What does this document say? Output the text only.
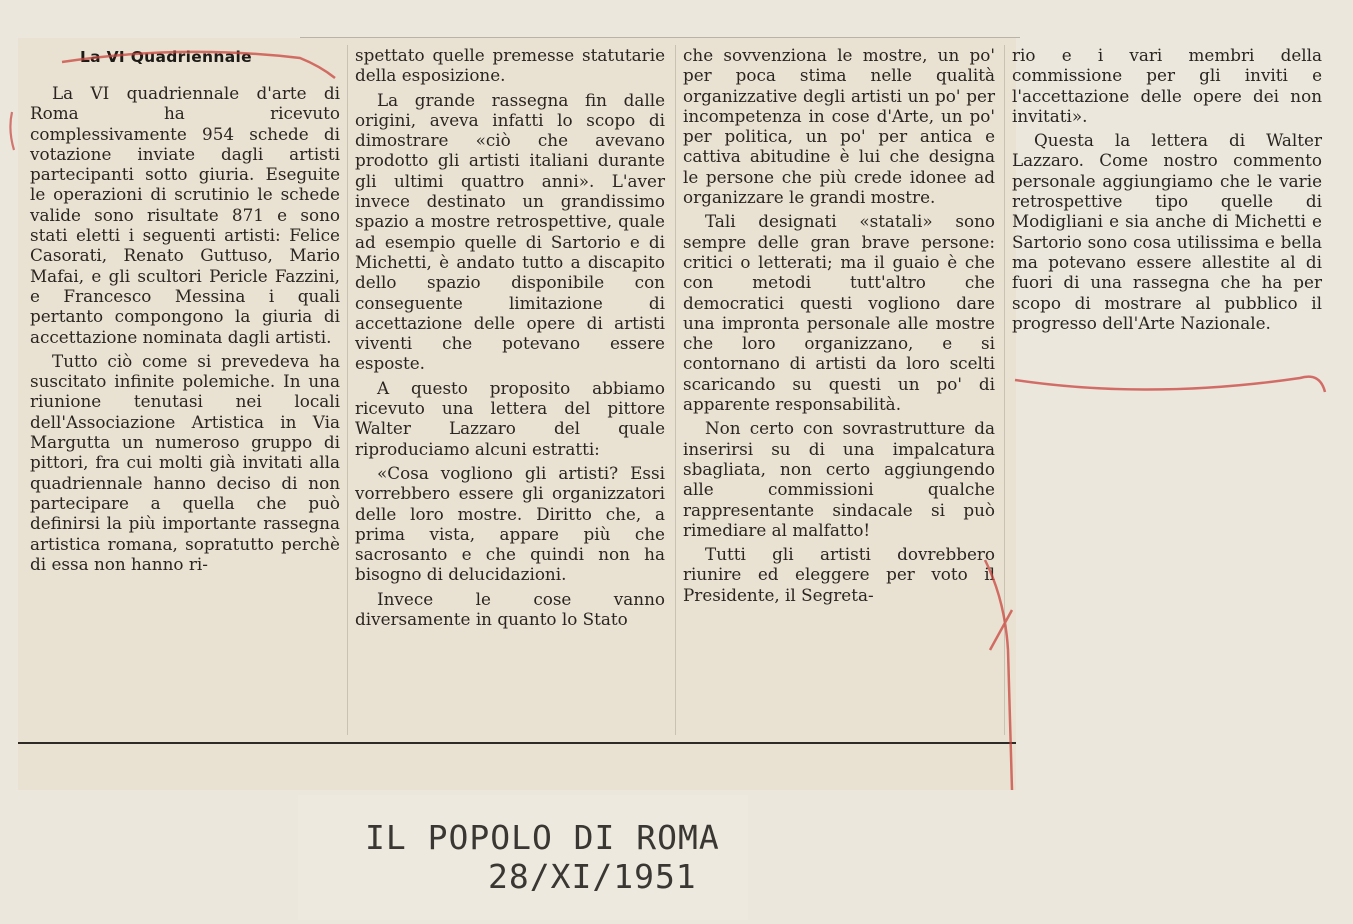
La VI Quadriennale

La VI quadriennale d'arte di Roma ha ricevuto complessivamente 954 schede di votazione inviate dagli artisti partecipanti sotto giuria. Eseguite le operazioni di scrutinio le schede valide sono risultate 871 e sono stati eletti i seguenti artisti: Felice Casorati, Renato Guttuso, Mario Mafai, e gli scultori Pericle Fazzini, e Francesco Messina i quali pertanto compongono la giuria di accettazione nominata dagli artisti.

Tutto ciò come si prevedeva ha suscitato infinite polemiche. In una riunione tenutasi nei locali dell'Associazione Artistica in Via Margutta un numeroso gruppo di pittori, fra cui molti già invitati alla quadriennale hanno deciso di non partecipare a quella che può definirsi la più importante rassegna artistica romana, sopratutto perchè di essa non hanno ri-

spettato quelle premesse statutarie della esposizione.

La grande rassegna fin dalle origini, aveva infatti lo scopo di dimostrare «ciò che avevano prodotto gli artisti italiani durante gli ultimi quattro anni». L'aver invece destinato un grandissimo spazio a mostre retrospettive, quale ad esempio quelle di Sartorio e di Michetti, è andato tutto a discapito dello spazio disponibile con conseguente limitazione di accettazione delle opere di artisti viventi che potevano essere esposte.

A questo proposito abbiamo ricevuto una lettera del pittore Walter Lazzaro del quale riproduciamo alcuni estratti:

«Cosa vogliono gli artisti? Essi vorrebbero essere gli organizzatori delle loro mostre. Diritto che, a prima vista, appare più che sacrosanto e che quindi non ha bisogno di delucidazioni.

Invece le cose vanno diversamente in quanto lo Stato

che sovvenziona le mostre, un po' per poca stima nelle qualità organizzative degli artisti un po' per incompetenza in cose d'Arte, un po' per politica, un po' per antica e cattiva abitudine è lui che designa le persone che più crede idonee ad organizzare le grandi mostre.

Tali designati «statali» sono sempre delle gran brave persone: critici o letterati; ma il guaio è che con metodi tutt'altro che democratici questi vogliono dare una impronta personale alle mostre che loro organizzano, e si contornano di artisti da loro scelti scaricando su questi un po' di apparente responsabilità.

Non certo con sovrastrutture da inserirsi su di una impalcatura sbagliata, non certo aggiungendo alle commissioni qualche rappresentante sindacale si può rimediare al malfatto!

Tutti gli artisti dovrebbero riunire ed eleggere per voto il Presidente, il Segreta-

rio e i vari membri della commissione per gli inviti e l'accettazione delle opere dei non invitati».

Questa la lettera di Walter Lazzaro. Come nostro commento personale aggiungiamo che le varie retrospettive tipo quelle di Modigliani e sia anche di Michetti e Sartorio sono cosa utilissima e bella ma potevano essere allestite al di fuori di una rassegna che ha per scopo di mostrare al pubblico il progresso dell'Arte Nazionale.

IL POPOLO DI ROMA
28/XI/1951
